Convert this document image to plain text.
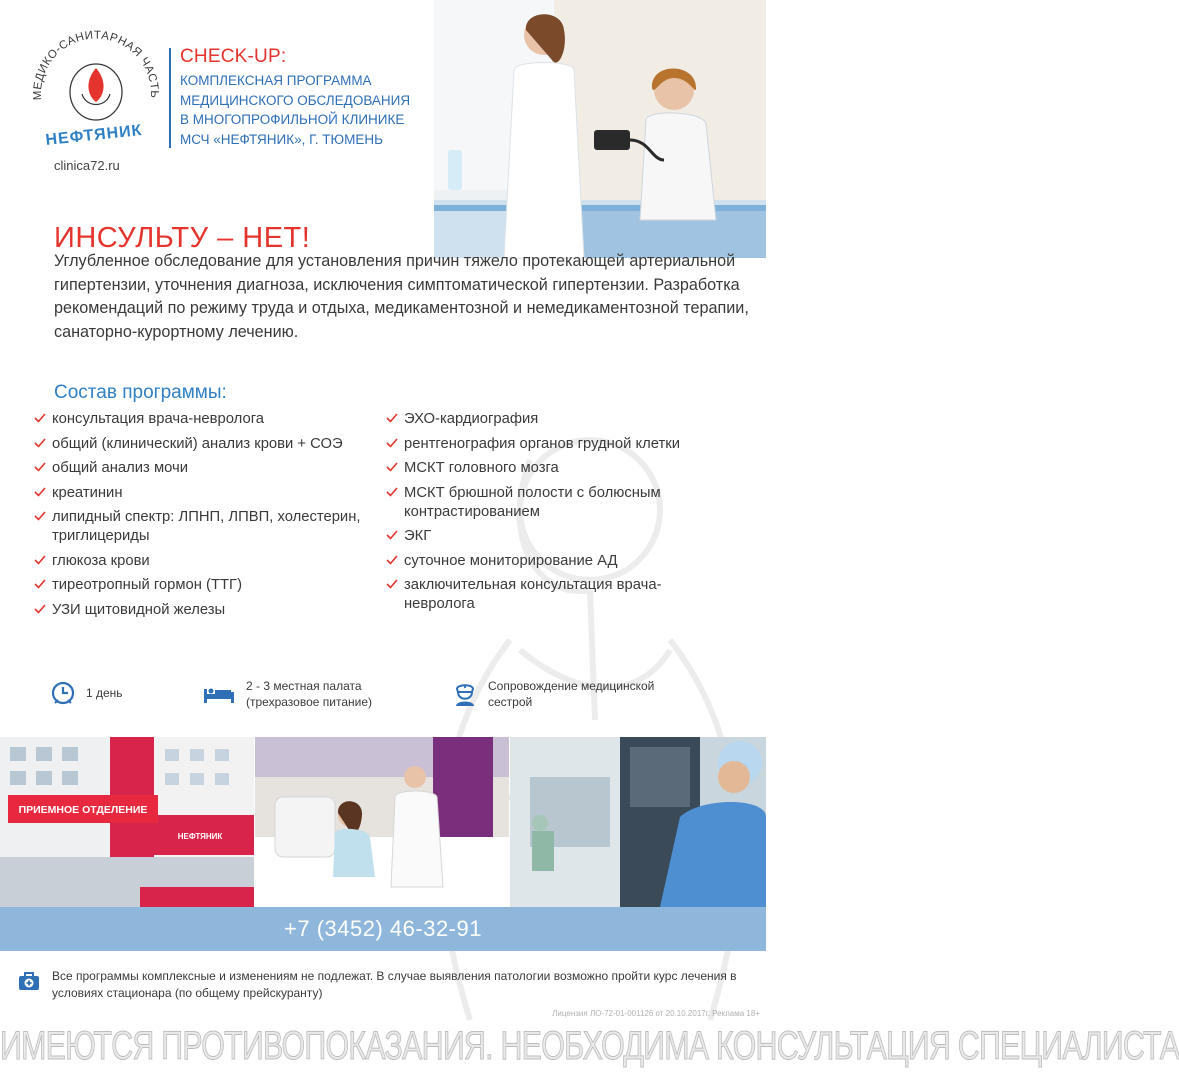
МЕДИКО-САНИТАРНАЯ ЧАСТЬ
НЕФТЯНИК
clinica72.ru
CHECK-UP:
КОМПЛЕКСНАЯ ПРОГРАММА
МЕДИЦИНСКОГО ОБСЛЕДОВАНИЯ
В МНОГОПРОФИЛЬНОЙ КЛИНИКЕ
МСЧ «НЕФТЯНИК», Г. ТЮМЕНЬ
ИНСУЛЬТУ – НЕТ!

Углубленное обследование для установления причин тяжело протекающей артериальной гипертензии, уточнения диагноза, исключения симптоматической гипертензии. Разработка рекомендаций по режиму труда и отдыха, медикаментозной и немедикаментозной терапии, санаторно-курортному лечению.

Состав программы:
консультация врача-невролога
общий (клинический) анализ крови + СОЭ
общий анализ мочи
креатинин
липидный спектр: ЛПНП, ЛПВП, холестерин, триглицериды
глюкоза крови
тиреотропный гормон (ТТГ)
УЗИ щитовидной железы
ЭХО-кардиография
рентгенография органов грудной клетки
МСКТ головного мозга
МСКТ брюшной полости с болюсным контрастированием
ЭКГ
суточное мониторирование АД
заключительная консультация врача-невролога
1 день	2 - 3 местная палата
(трехразовое питание)
Сопровождение медицинской
сестрой
ПРИЕМНОЕ ОТДЕЛЕНИЕ
НЕФТЯНИК
+7 (3452) 46-32-91
Все программы комплексные и изменениям не подлежат. В случае выявления патологии возможно пройти курс лечения в условиях стационара (по общему прейскуранту)
Лицензия ЛО-72-01-001126 от 20.10.2017г. Реклама 18+
ИМЕЮТСЯ ПРОТИВОПОКАЗАНИЯ. НЕОБХОДИМА КОНСУЛЬТАЦИЯ СПЕЦИАЛИСТА
